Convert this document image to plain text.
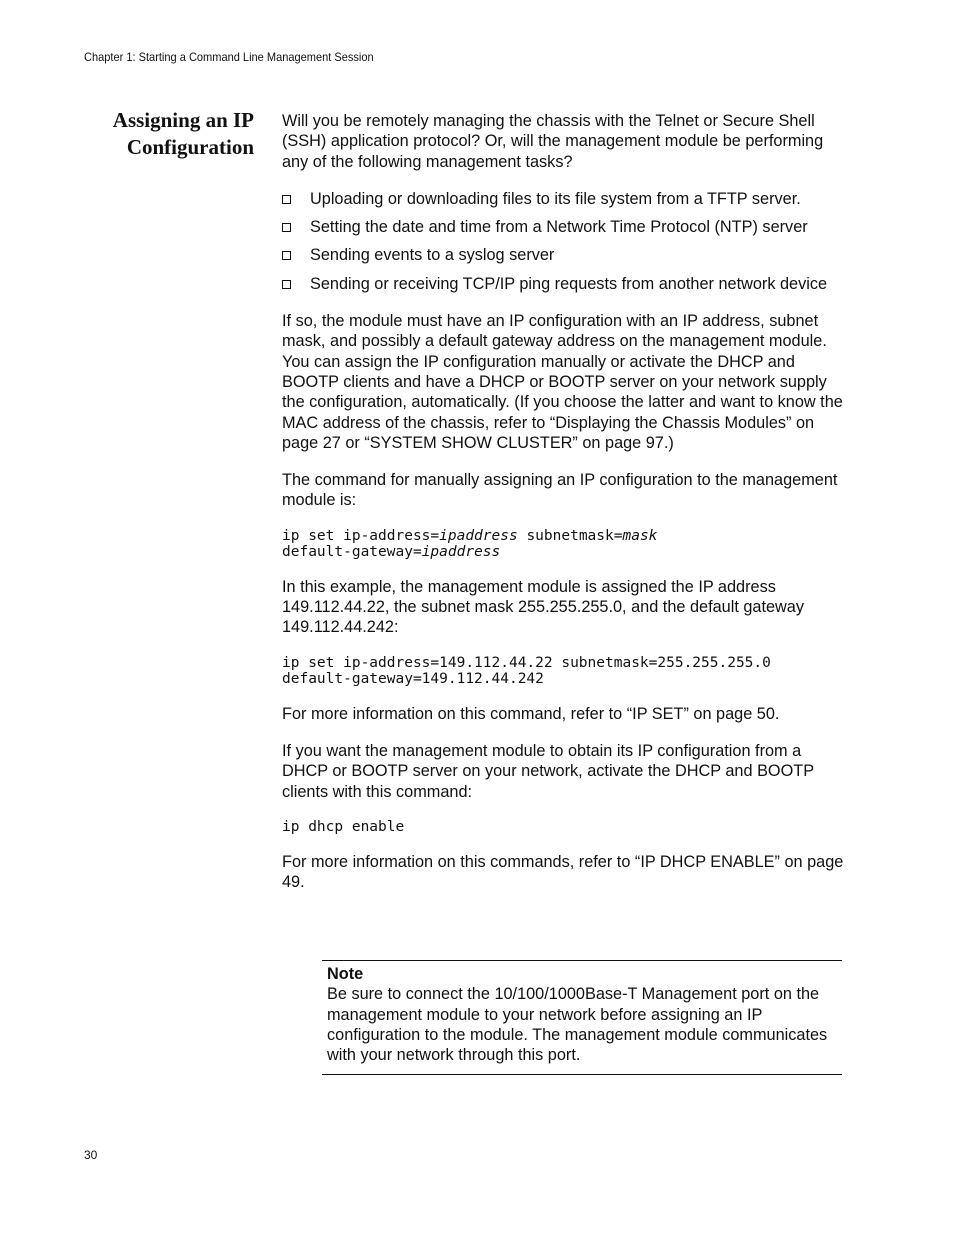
Chapter 1: Starting a Command Line Management Session
Assigning an IP
Configuration

Will you be remotely managing the chassis with the Telnet or Secure Shell (SSH) application protocol? Or, will the management module be performing any of the following management tasks?

Uploading or downloading files to its file system from a TFTP server.
Setting the date and time from a Network Time Protocol (NTP) server
Sending events to a syslog server
Sending or receiving TCP/IP ping requests from another network device

If so, the module must have an IP configuration with an IP address, subnet mask, and possibly a default gateway address on the management module. You can assign the IP configuration manually or activate the DHCP and BOOTP clients and have a DHCP or BOOTP server on your network supply the configuration, automatically. (If you choose the latter and want to know the MAC address of the chassis, refer to “Displaying the Chassis Modules” on page 27 or “SYSTEM SHOW CLUSTER” on page 97.)

The command for manually assigning an IP configuration to the management module is:

ip set ip-address=ipaddress subnetmask=mask
default-gateway=ipaddress

In this example, the management module is assigned the IP address 149.112.44.22, the subnet mask 255.255.255.0, and the default gateway 149.112.44.242:

ip set ip-address=149.112.44.22 subnetmask=255.255.255.0
default-gateway=149.112.44.242

For more information on this command, refer to “IP SET” on page 50.

If you want the management module to obtain its IP configuration from a DHCP or BOOTP server on your network, activate the DHCP and BOOTP clients with this command:

ip dhcp enable

For more information on this commands, refer to “IP DHCP ENABLE” on page 49.

Note
Be sure to connect the 10/100/1000Base-T Management port on the management module to your network before assigning an IP configuration to the module. The management module communicates with your network through this port.
30
